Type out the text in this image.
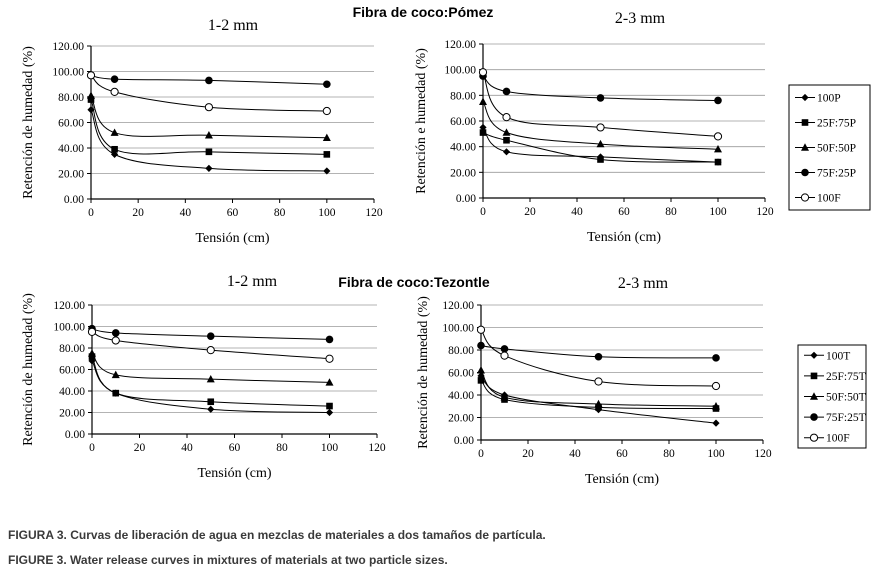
Fibra de coco:Pómez
Fibra de coco:Tezontle
0.00
20.00
40.00
60.00
80.00
100.00
120.00
0	20	40	60	80	100	120
1-2 mm
Tensión (cm)
Retención de humedad (%)
0.00
20.00
40.00
60.00
80.00
100.00
120.00
0	20	40	60	80	100	120
2-3 mm
Tensión (cm)
Retención e humedad (%)	100P
25F:75P
50F:50P
75F:25P
100F
0.00
20.00
40.00
60.00
80.00
100.00
120.00
0	20	40	60	80	100	120
1-2 mm
Tensión (cm)
Retención de humedad (%)	0.00
20.00
40.00
60.00
80.00
100.00
120.00
0	20	40	60	80	100	120
2-3 mm
Tensión (cm)
Retención de humedad (%)	100T
25F:75T
50F:50T
75F:25T
100F
FIGURA 3. Curvas de liberación de agua en mezclas de materiales a dos tamaños de partícula.
FIGURE 3. Water release curves in mixtures of materials at two particle sizes.
